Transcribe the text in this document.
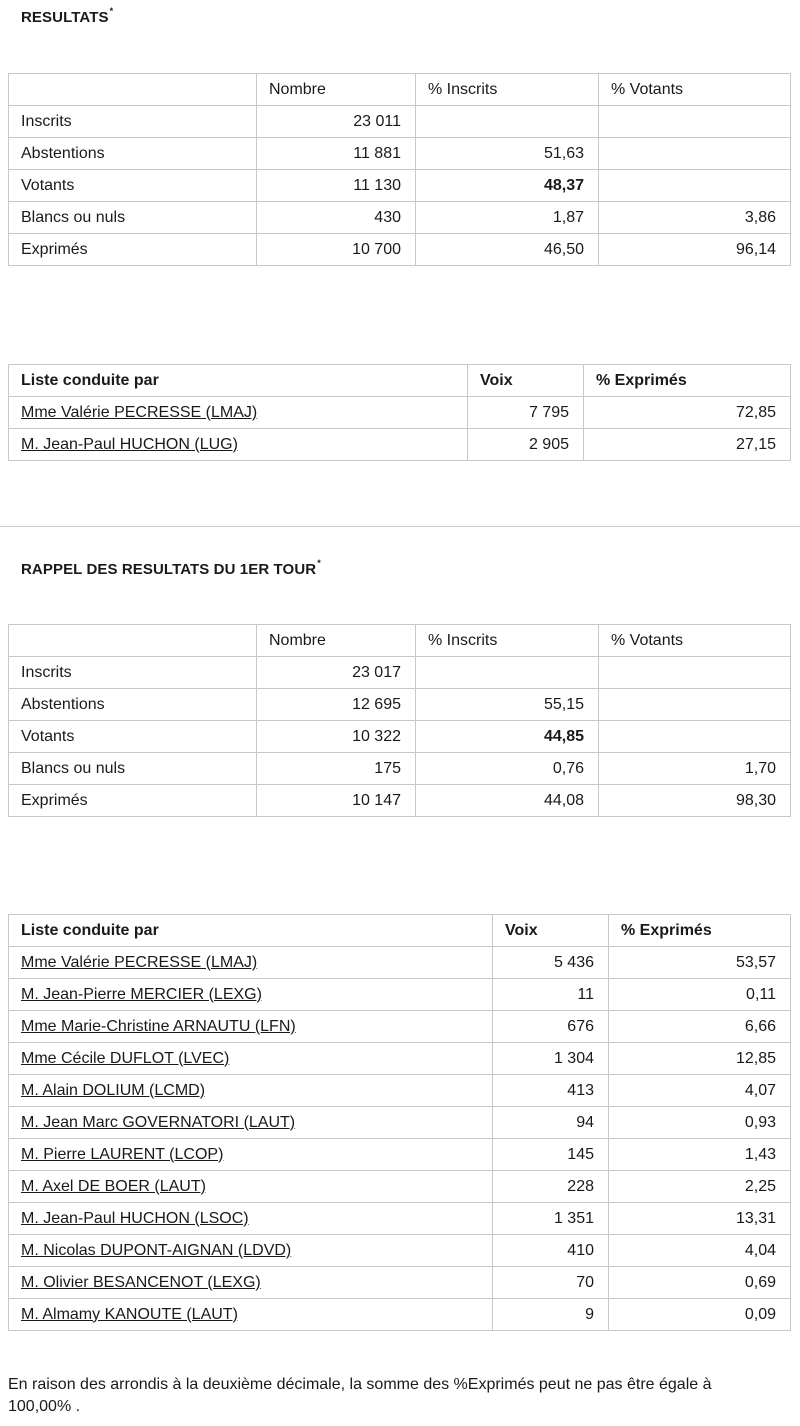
RESULTATS*
	Nombre	% Inscrits	% Votants
Inscrits	23 011		
Abstentions	11 881	51,63	
Votants	11 130	48,37	
Blancs ou nuls	430	1,87	3,86
Exprimés	10 700	46,50	96,14
Liste conduite par	Voix	% Exprimés
Mme Valérie PECRESSE (LMAJ)	7 795	72,85
M. Jean-Paul HUCHON (LUG)	2 905	27,15
RAPPEL DES RESULTATS DU 1ER TOUR*
	Nombre	% Inscrits	% Votants
Inscrits	23 017		
Abstentions	12 695	55,15	
Votants	10 322	44,85	
Blancs ou nuls	175	0,76	1,70
Exprimés	10 147	44,08	98,30
Liste conduite par	Voix	% Exprimés
Mme Valérie PECRESSE (LMAJ)	5 436	53,57
M. Jean-Pierre MERCIER (LEXG)	11	0,11
Mme Marie-Christine ARNAUTU (LFN)	676	6,66
Mme Cécile DUFLOT (LVEC)	1 304	12,85
M. Alain DOLIUM (LCMD)	413	4,07
M. Jean Marc GOVERNATORI (LAUT)	94	0,93
M. Pierre LAURENT (LCOP)	145	1,43
M. Axel DE BOER (LAUT)	228	2,25
M. Jean-Paul HUCHON (LSOC)	1 351	13,31
M. Nicolas DUPONT-AIGNAN (LDVD)	410	4,04
M. Olivier BESANCENOT (LEXG)	70	0,69
M. Almamy KANOUTE (LAUT)	9	0,09
En raison des arrondis à la deuxième décimale, la somme des %Exprimés peut ne pas être égale à 100,00% .
